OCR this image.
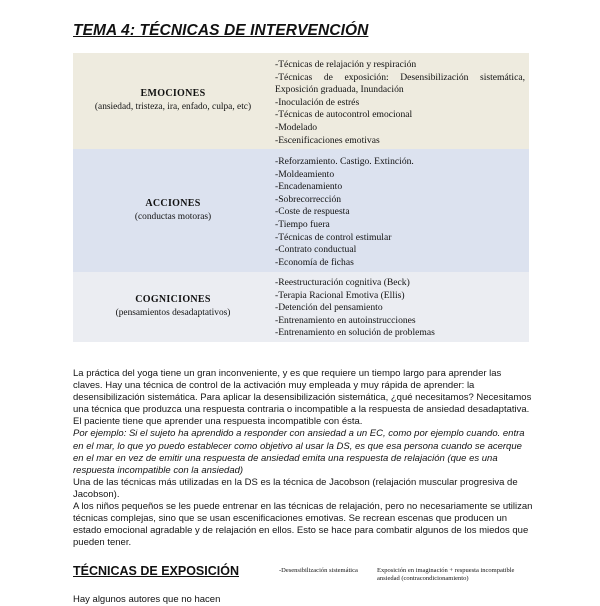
TEMA 4: TÉCNICAS DE INTERVENCIÓN
EMOCIONES
(ansiedad, tristeza, ira, enfado, culpa, etc)
-Técnicas de relajación y respiración
-Técnicas de exposición: Desensibilización sistemática, Exposición graduada, Inundación
-Inoculación de estrés
-Técnicas de autocontrol emocional
-Modelado
-Escenificaciones emotivas
ACCIONES
(conductas motoras)
-Reforzamiento. Castigo. Extinción.
-Moldeamiento
-Encadenamiento
-Sobrecorrección
-Coste de respuesta
-Tiempo fuera
-Técnicas de control estimular
-Contrato conductual
-Economía de fichas
COGNICIONES
(pensamientos desadaptativos)
-Reestructuración cognitiva (Beck)
-Terapia Racional Emotiva (Ellis)
-Detención del pensamiento
-Entrenamiento en autoinstrucciones
-Entrenamiento en solución de problemas

La práctica del yoga tiene un gran inconveniente, y es que requiere un tiempo largo para aprender las claves. Hay una técnica de control de la activación muy empleada y muy rápida de aprender: la desensibilización sistemática. Para aplicar la desensibilización sistemática, ¿qué necesitamos? Necesitamos una técnica que produzca una respuesta contraria o incompatible a la respuesta de ansiedad desadaptativa. El paciente tiene que aprender una respuesta incompatible con ésta.

Por ejemplo: Si el sujeto ha aprendido a responder con ansiedad a un EC, como por ejemplo cuando. entra en el mar, lo que yo puedo establecer como objetivo al usar la DS, es que esa persona cuando se acerque en el mar en vez de emitir una respuesta de ansiedad emita una respuesta de relajación (que es una respuesta incompatible con la ansiedad)

Una de las técnicas más utilizadas en la DS es la técnica de Jacobson (relajación muscular progresiva de Jacobson).

A los niños pequeños se les puede entrenar en las técnicas de relajación, pero no necesariamente se utilizan técnicas complejas, sino que se usan escenificaciones emotivas. Se recrean escenas que producen un estado emocional agradable y de relajación en ellos. Esto se hace para combatir algunos de los miedos que pueden tener.

TÉCNICAS DE EXPOSICIÓN	-Desensibilización sistemática	Exposición en imaginación + respuesta incompatible ansiedad (contracondicionamiento)
Hay algunos autores que no hacen
